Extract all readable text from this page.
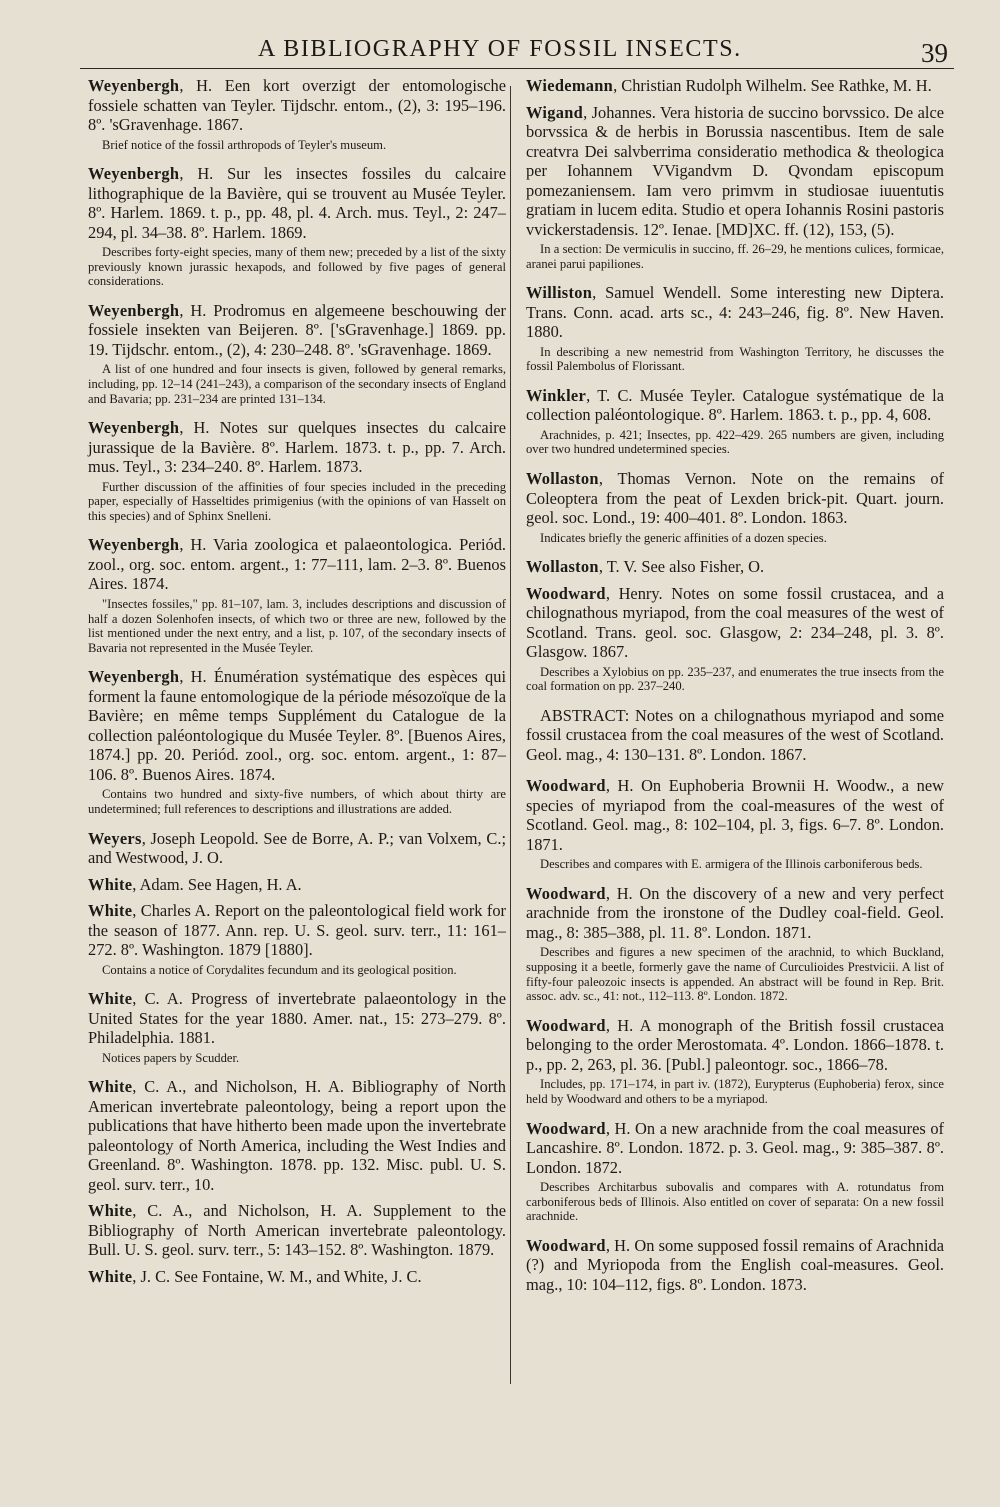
A BIBLIOGRAPHY OF FOSSIL INSECTS.	39

Weyenbergh, H. Een kort overzigt der entomologische fossiele schatten van Teyler. Tijdschr. entom., (2), 3: 195–196. 8º. 'sGravenhage. 1867.

Brief notice of the fossil arthropods of Teyler's museum.

Weyenbergh, H. Sur les insectes fossiles du calcaire lithographique de la Bavière, qui se trouvent au Musée Teyler. 8º. Harlem. 1869. t. p., pp. 48, pl. 4. Arch. mus. Teyl., 2: 247–294, pl. 34–38. 8º. Harlem. 1869.

Describes forty-eight species, many of them new; preceded by a list of the sixty previously known jurassic hexapods, and followed by five pages of general considerations.

Weyenbergh, H. Prodromus en algemeene beschouwing der fossiele insekten van Beijeren. 8º. ['sGravenhage.] 1869. pp. 19. Tijdschr. entom., (2), 4: 230–248. 8º. 'sGravenhage. 1869.

A list of one hundred and four insects is given, followed by general remarks, including, pp. 12–14 (241–243), a comparison of the secondary insects of England and Bavaria; pp. 231–234 are printed 131–134.

Weyenbergh, H. Notes sur quelques insectes du calcaire jurassique de la Bavière. 8º. Harlem. 1873. t. p., pp. 7. Arch. mus. Teyl., 3: 234–240. 8º. Harlem. 1873.

Further discussion of the affinities of four species included in the preceding paper, especially of Hasseltides primigenius (with the opinions of van Hasselt on this species) and of Sphinx Snelleni.

Weyenbergh, H. Varia zoologica et palaeontologica. Periód. zool., org. soc. entom. argent., 1: 77–111, lam. 2–3. 8º. Buenos Aires. 1874.

"Insectes fossiles," pp. 81–107, lam. 3, includes descriptions and discussion of half a dozen Solenhofen insects, of which two or three are new, followed by the list mentioned under the next entry, and a list, p. 107, of the secondary insects of Bavaria not represented in the Musée Teyler.

Weyenbergh, H. Énumération systématique des espèces qui forment la faune entomologique de la période mésozoïque de la Bavière; en même temps Supplément du Catalogue de la collection paléontologique du Musée Teyler. 8º. [Buenos Aires, 1874.] pp. 20. Periód. zool., org. soc. entom. argent., 1: 87–106. 8º. Buenos Aires. 1874.

Contains two hundred and sixty-five numbers, of which about thirty are undetermined; full references to descriptions and illustrations are added.

Weyers, Joseph Leopold. See de Borre, A. P.; van Volxem, C.; and Westwood, J. O.

White, Adam. See Hagen, H. A.

White, Charles A. Report on the paleontological field work for the season of 1877. Ann. rep. U. S. geol. surv. terr., 11: 161–272. 8º. Washington. 1879 [1880].

Contains a notice of Corydalites fecundum and its geological position.

White, C. A. Progress of invertebrate palaeontology in the United States for the year 1880. Amer. nat., 15: 273–279. 8º. Philadelphia. 1881.

Notices papers by Scudder.

White, C. A., and Nicholson, H. A. Bibliography of North American invertebrate paleontology, being a report upon the publications that have hitherto been made upon the invertebrate paleontology of North America, including the West Indies and Greenland. 8º. Washington. 1878. pp. 132. Misc. publ. U. S. geol. surv. terr., 10.

White, C. A., and Nicholson, H. A. Supplement to the Bibliography of North American invertebrate paleontology. Bull. U. S. geol. surv. terr., 5: 143–152. 8º. Washington. 1879.

White, J. C. See Fontaine, W. M., and White, J. C.

Wiedemann, Christian Rudolph Wilhelm. See Rathke, M. H.

Wigand, Johannes. Vera historia de succino borvssico. De alce borvssica & de herbis in Borussia nascentibus. Item de sale creatvra Dei salvberrima consideratio methodica & theologica per Iohannem VVigandvm D. Qvondam episcopum pomezaniensem. Iam vero primvm in studiosae iuuentutis gratiam in lucem edita. Studio et opera Iohannis Rosini pastoris vvickerstadensis. 12º. Ienae. [MD]XC. ff. (12), 153, (5).

In a section: De vermiculis in succino, ff. 26–29, he mentions culices, formicae, aranei parui papiliones.

Williston, Samuel Wendell. Some interesting new Diptera. Trans. Conn. acad. arts sc., 4: 243–246, fig. 8º. New Haven. 1880.

In describing a new nemestrid from Washington Territory, he discusses the fossil Palembolus of Florissant.

Winkler, T. C. Musée Teyler. Catalogue systématique de la collection paléontologique. 8º. Harlem. 1863. t. p., pp. 4, 608.

Arachnides, p. 421; Insectes, pp. 422–429. 265 numbers are given, including over two hundred undetermined species.

Wollaston, Thomas Vernon. Note on the remains of Coleoptera from the peat of Lexden brick-pit. Quart. journ. geol. soc. Lond., 19: 400–401. 8º. London. 1863.

Indicates briefly the generic affinities of a dozen species.

Wollaston, T. V. See also Fisher, O.

Woodward, Henry. Notes on some fossil crustacea, and a chilognathous myriapod, from the coal measures of the west of Scotland. Trans. geol. soc. Glasgow, 2: 234–248, pl. 3. 8º. Glasgow. 1867.

Describes a Xylobius on pp. 235–237, and enumerates the true insects from the coal formation on pp. 237–240.

ABSTRACT: Notes on a chilognathous myriapod and some fossil crustacea from the coal measures of the west of Scotland. Geol. mag., 4: 130–131. 8º. London. 1867.

Woodward, H. On Euphoberia Brownii H. Woodw., a new species of myriapod from the coal-measures of the west of Scotland. Geol. mag., 8: 102–104, pl. 3, figs. 6–7. 8º. London. 1871.

Describes and compares with E. armigera of the Illinois carboniferous beds.

Woodward, H. On the discovery of a new and very perfect arachnide from the ironstone of the Dudley coal-field. Geol. mag., 8: 385–388, pl. 11. 8º. London. 1871.

Describes and figures a new specimen of the arachnid, to which Buckland, supposing it a beetle, formerly gave the name of Curculioides Prestvicii. A list of fifty-four paleozoic insects is appended. An abstract will be found in Rep. Brit. assoc. adv. sc., 41: not., 112–113. 8º. London. 1872.

Woodward, H. A monograph of the British fossil crustacea belonging to the order Merostomata. 4º. London. 1866–1878. t. p., pp. 2, 263, pl. 36. [Publ.] paleontogr. soc., 1866–78.

Includes, pp. 171–174, in part iv. (1872), Eurypterus (Euphoberia) ferox, since held by Woodward and others to be a myriapod.

Woodward, H. On a new arachnide from the coal measures of Lancashire. 8º. London. 1872. p. 3. Geol. mag., 9: 385–387. 8º. London. 1872.

Describes Architarbus subovalis and compares with A. rotundatus from carboniferous beds of Illinois. Also entitled on cover of separata: On a new fossil arachnide.

Woodward, H. On some supposed fossil remains of Arachnida (?) and Myriopoda from the English coal-measures. Geol. mag., 10: 104–112, figs. 8º. London. 1873.
